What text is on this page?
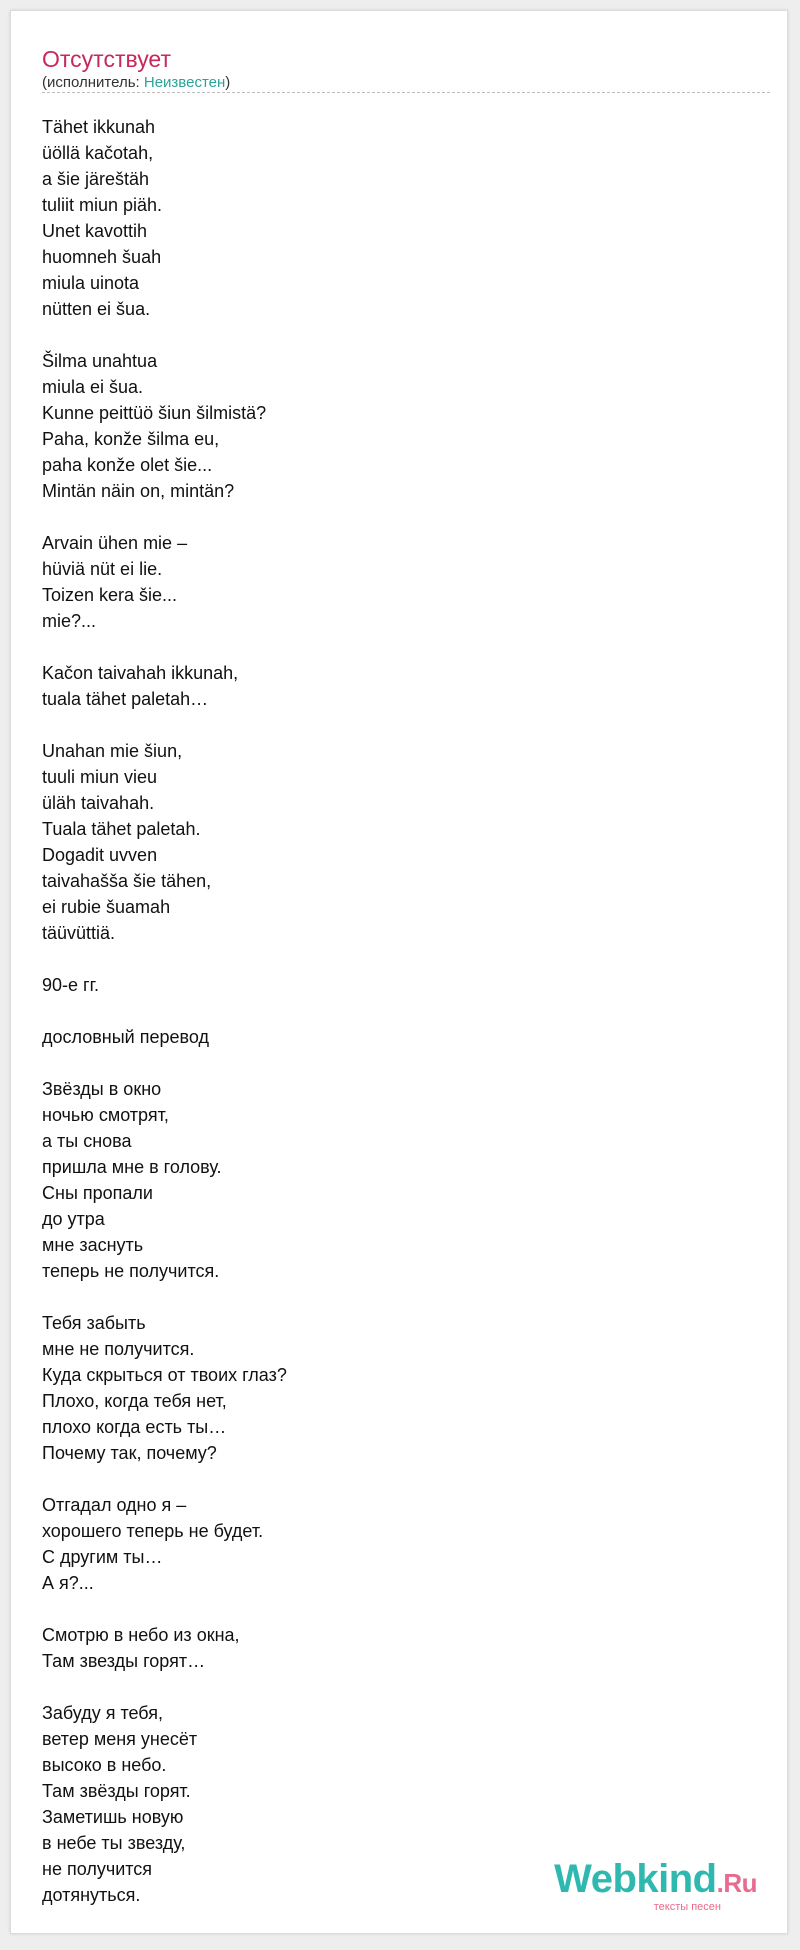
Отсутствует
(исполнитель: Неизвестен)
Tähet ikkunah
üöllä kačotah,
a šie järeštäh
tuliit miun piäh.
Unet kavottih
huomneh šuah
miula uinota
nütten ei šua.

Šilma unahtua
miula ei šua.
Kunne peittüö šiun šilmistä?
Paha, konže šilma eu,
paha konže olet šie...
Mintän näin on, mintän?

Arvain ühen mie –
hüviä nüt ei lie.
Toizen kera šie...
mie?...

Kačon taivahah ikkunah,
tuala tähet paletah…

Unahan mie šiun,
tuuli miun vieu
üläh taivahah.
Tuala tähet paletah.
Dogadit uvven
taivahašša šie tähen,
ei rubie šuamah
täüvüttiä.

90-е гг.

дословный перевод

Звёзды в окно
ночью смотрят,
а ты снова
пришла мне в голову.
Сны пропали
до утра
мне заснуть
теперь не получится.

Тебя забыть
мне не получится.
Куда скрыться от твоих глаз?
Плохо, когда тебя нет,
плохо когда есть ты…
Почему так, почему?

Отгадал одно я –
хорошего теперь не будет.
С другим ты…
А я?...

Смотрю в небо из окна,
Там звезды горят…

Забуду я тебя,
ветер меня унесёт
высоко в небо.
Там звёзды горят.
Заметишь новую
в небе ты звезду,
не получится
дотянуться.	Webkind.Ru
тексты песен
